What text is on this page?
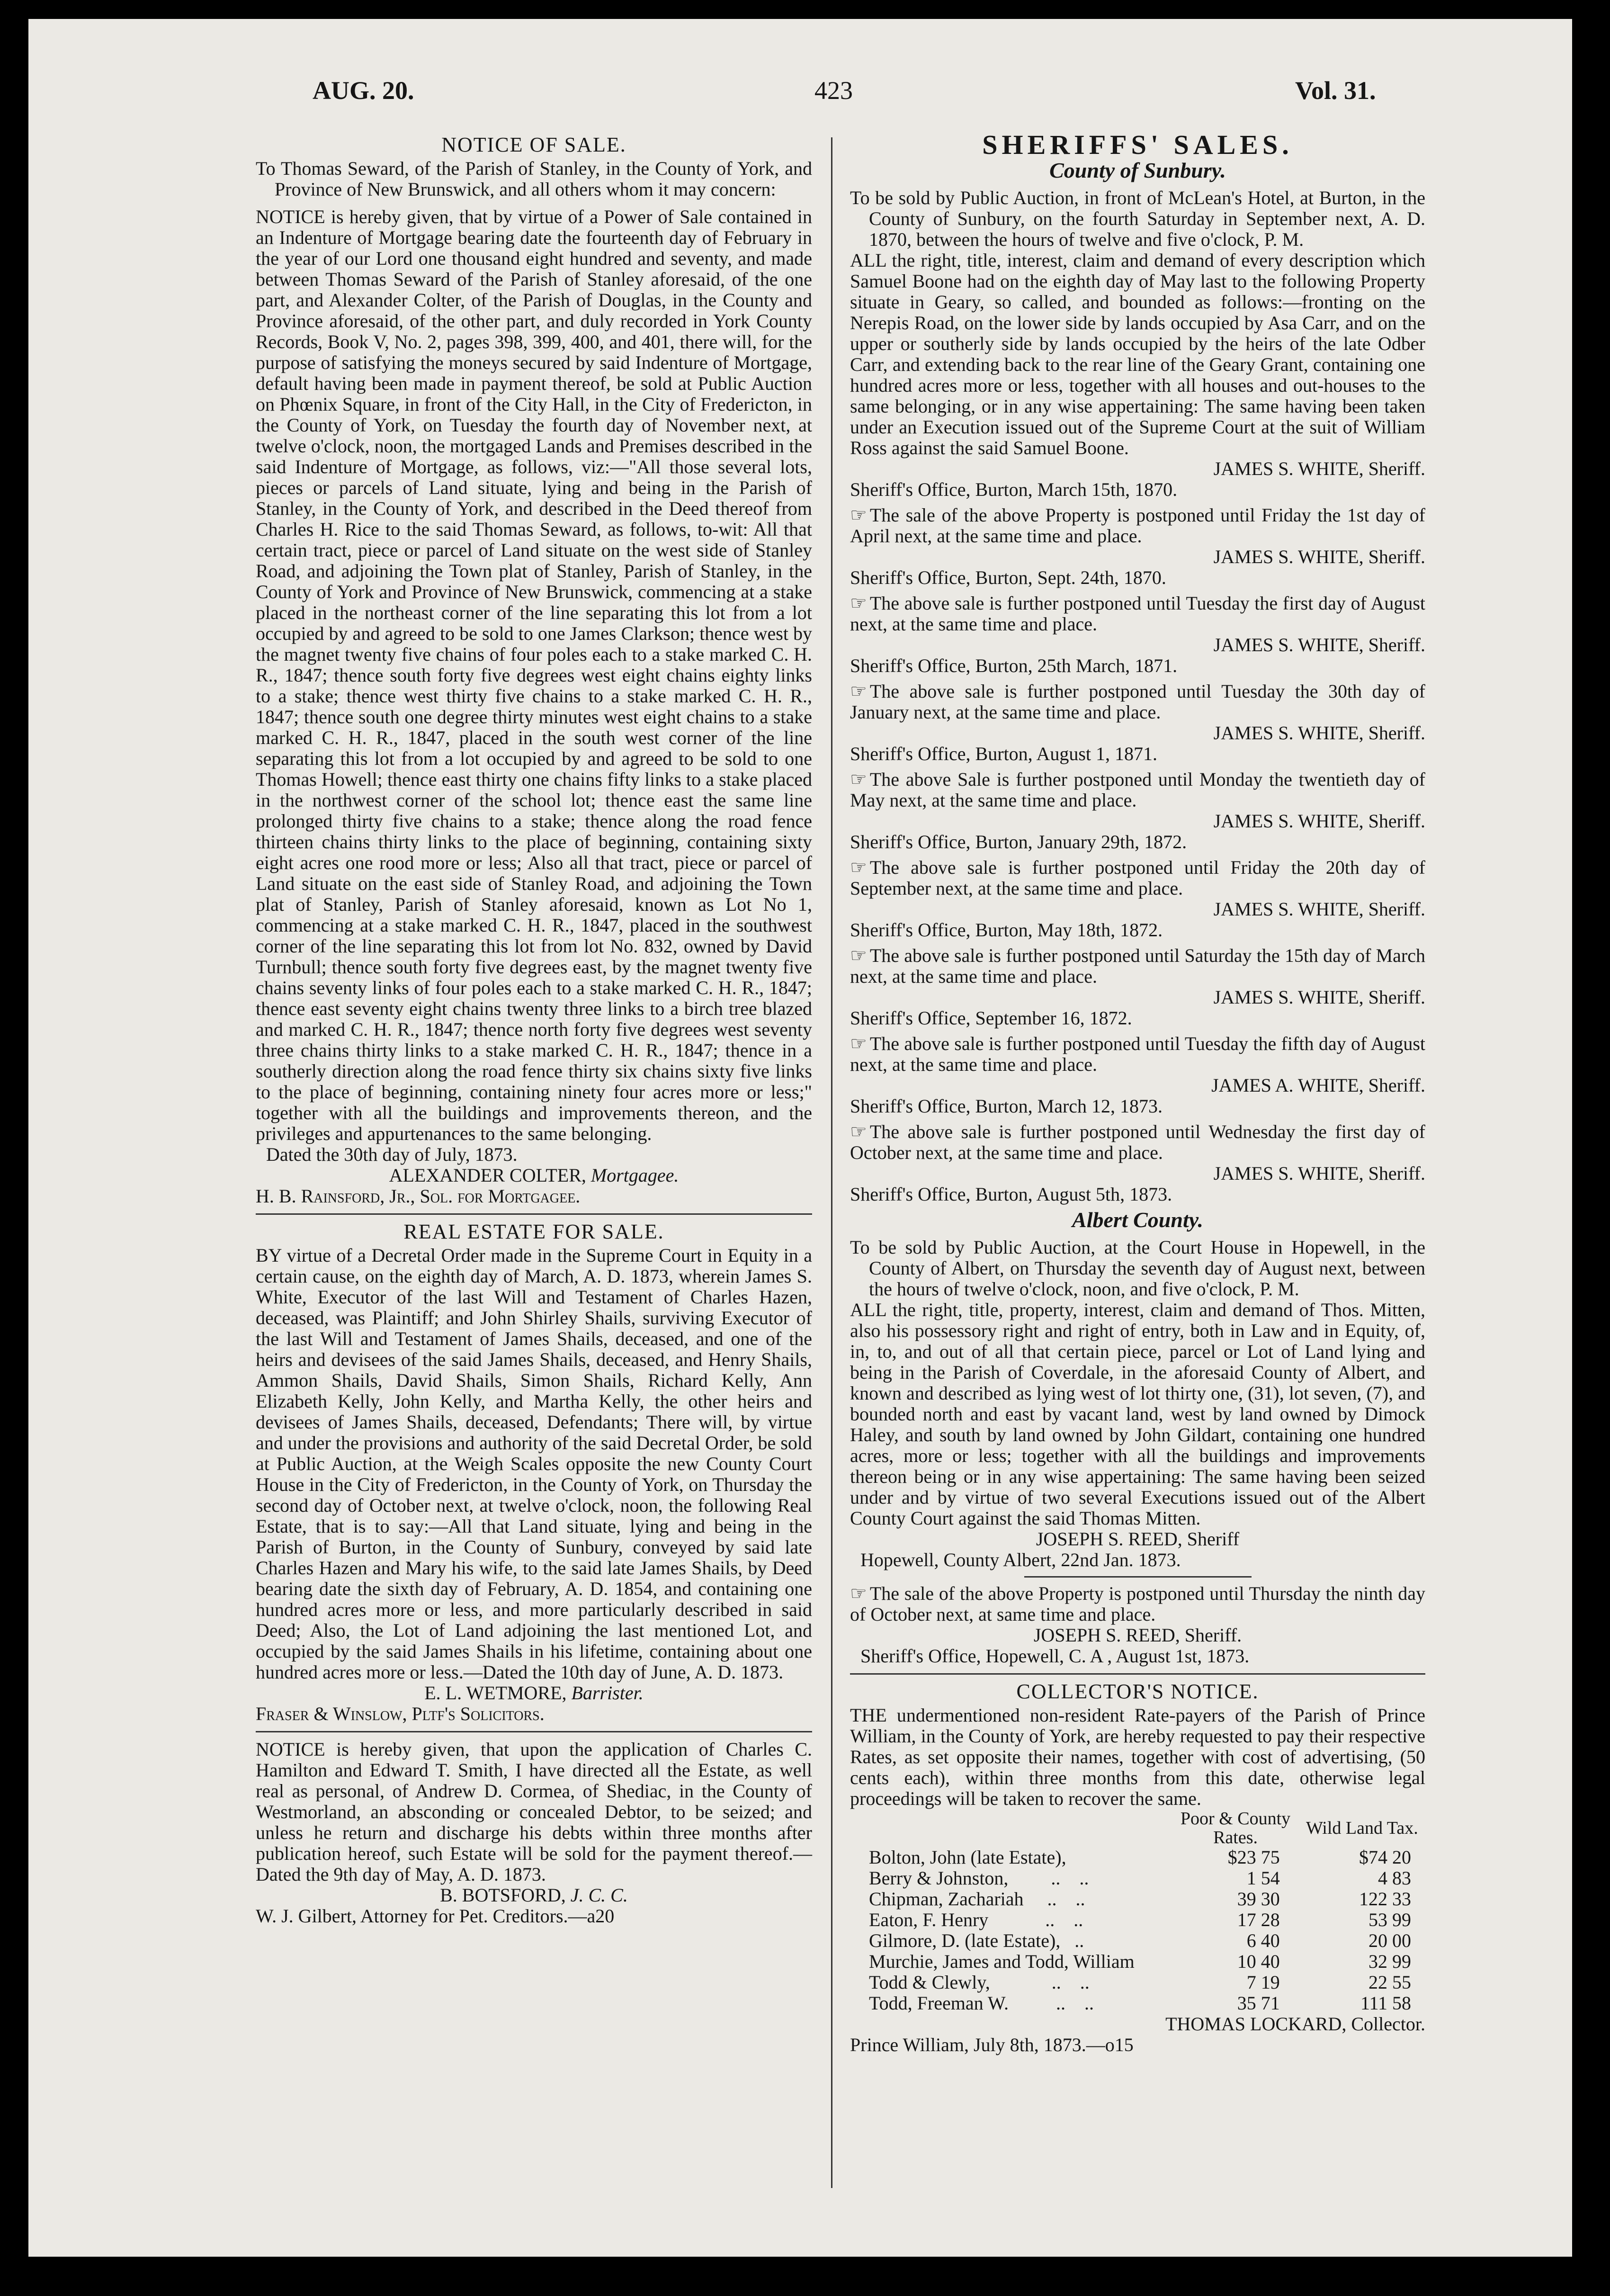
AUG. 20.	423	Vol. 31.
NOTICE OF SALE.

To Thomas Seward, of the Parish of Stanley, in the County of York, and Province of New Brunswick, and all others whom it may concern:

NOTICE is hereby given, that by virtue of a Power of Sale contained in an Indenture of Mortgage bearing date the fourteenth day of February in the year of our Lord one thousand eight hundred and seventy, and made between Thomas Seward of the Parish of Stanley aforesaid, of the one part, and Alexander Colter, of the Parish of Douglas, in the County and Province aforesaid, of the other part, and duly recorded in York County Records, Book V, No. 2, pages 398, 399, 400, and 401, there will, for the purpose of satisfying the moneys secured by said Indenture of Mortgage, default having been made in payment thereof, be sold at Public Auction on Phœnix Square, in front of the City Hall, in the City of Fredericton, in the County of York, on Tuesday the fourth day of November next, at twelve o'clock, noon, the mortgaged Lands and Premises described in the said Indenture of Mortgage, as follows, viz:—"All those several lots, pieces or parcels of Land situate, lying and being in the Parish of Stanley, in the County of York, and described in the Deed thereof from Charles H. Rice to the said Thomas Seward, as follows, to-wit: All that certain tract, piece or parcel of Land situate on the west side of Stanley Road, and adjoining the Town plat of Stanley, Parish of Stanley, in the County of York and Province of New Brunswick, commencing at a stake placed in the northeast corner of the line separating this lot from a lot occupied by and agreed to be sold to one James Clarkson; thence west by the magnet twenty five chains of four poles each to a stake marked C. H. R., 1847; thence south forty five degrees west eight chains eighty links to a stake; thence west thirty five chains to a stake marked C. H. R., 1847; thence south one degree thirty minutes west eight chains to a stake marked C. H. R., 1847, placed in the south west corner of the line separating this lot from a lot occupied by and agreed to be sold to one Thomas Howell; thence east thirty one chains fifty links to a stake placed in the northwest corner of the school lot; thence east the same line prolonged thirty five chains to a stake; thence along the road fence thirteen chains thirty links to the place of beginning, containing sixty eight acres one rood more or less; Also all that tract, piece or parcel of Land situate on the east side of Stanley Road, and adjoining the Town plat of Stanley, Parish of Stanley aforesaid, known as Lot No 1, commencing at a stake marked C. H. R., 1847, placed in the southwest corner of the line separating this lot from lot No. 832, owned by David Turnbull; thence south forty five degrees east, by the magnet twenty five chains seventy links of four poles each to a stake marked C. H. R., 1847; thence east seventy eight chains twenty three links to a birch tree blazed and marked C. H. R., 1847; thence north forty five degrees west seventy three chains thirty links to a stake marked C. H. R., 1847; thence in a southerly direction along the road fence thirty six chains sixty five links to the place of beginning, containing ninety four acres more or less;" together with all the buildings and improvements thereon, and the privileges and appurtenances to the same belonging.

Dated the 30th day of July, 1873.

ALEXANDER COLTER, Mortgagee.

H. B. Rainsford, Jr., Sol. for Mortgagee.

REAL ESTATE FOR SALE.

BY virtue of a Decretal Order made in the Supreme Court in Equity in a certain cause, on the eighth day of March, A. D. 1873, wherein James S. White, Executor of the last Will and Testament of Charles Hazen, deceased, was Plaintiff; and John Shirley Shails, surviving Executor of the last Will and Testament of James Shails, deceased, and one of the heirs and devisees of the said James Shails, deceased, and Henry Shails, Ammon Shails, David Shails, Simon Shails, Richard Kelly, Ann Elizabeth Kelly, John Kelly, and Martha Kelly, the other heirs and devisees of James Shails, deceased, Defendants; There will, by virtue and under the provisions and authority of the said Decretal Order, be sold at Public Auction, at the Weigh Scales opposite the new County Court House in the City of Fredericton, in the County of York, on Thursday the second day of October next, at twelve o'clock, noon, the following Real Estate, that is to say:—All that Land situate, lying and being in the Parish of Burton, in the County of Sunbury, conveyed by said late Charles Hazen and Mary his wife, to the said late James Shails, by Deed bearing date the sixth day of February, A. D. 1854, and containing one hundred acres more or less, and more particularly described in said Deed; Also, the Lot of Land adjoining the last mentioned Lot, and occupied by the said James Shails in his lifetime, containing about one hundred acres more or less.—Dated the 10th day of June, A. D. 1873.

E. L. WETMORE, Barrister.

Fraser & Winslow, Pltf's Solicitors.

NOTICE is hereby given, that upon the application of Charles C. Hamilton and Edward T. Smith, I have directed all the Estate, as well real as personal, of Andrew D. Cormea, of Shediac, in the County of Westmorland, an absconding or concealed Debtor, to be seized; and unless he return and discharge his debts within three months after publication hereof, such Estate will be sold for the payment thereof.—Dated the 9th day of May, A. D. 1873.

B. BOTSFORD, J. C. C.

W. J. Gilbert, Attorney for Pet. Creditors.—a20

SHERIFFS' SALES.
County of Sunbury.

To be sold by Public Auction, in front of McLean's Hotel, at Burton, in the County of Sunbury, on the fourth Saturday in September next, A. D. 1870, between the hours of twelve and five o'clock, P. M.

ALL the right, title, interest, claim and demand of every description which Samuel Boone had on the eighth day of May last to the following Property situate in Geary, so called, and bounded as follows:—fronting on the Nerepis Road, on the lower side by lands occupied by Asa Carr, and on the upper or southerly side by lands occupied by the heirs of the late Odber Carr, and extending back to the rear line of the Geary Grant, containing one hundred acres more or less, together with all houses and out-houses to the same belonging, or in any wise appertaining: The same having been taken under an Execution issued out of the Supreme Court at the suit of William Ross against the said Samuel Boone.

JAMES S. WHITE, Sheriff.

Sheriff's Office, Burton, March 15th, 1870.

☞ The sale of the above Property is postponed until Friday the 1st day of April next, at the same time and place.

JAMES S. WHITE, Sheriff.

Sheriff's Office, Burton, Sept. 24th, 1870.

☞ The above sale is further postponed until Tuesday the first day of August next, at the same time and place.

JAMES S. WHITE, Sheriff.

Sheriff's Office, Burton, 25th March, 1871.

☞ The above sale is further postponed until Tuesday the 30th day of January next, at the same time and place.

JAMES S. WHITE, Sheriff.

Sheriff's Office, Burton, August 1, 1871.

☞ The above Sale is further postponed until Monday the twentieth day of May next, at the same time and place.

JAMES S. WHITE, Sheriff.

Sheriff's Office, Burton, January 29th, 1872.

☞ The above sale is further postponed until Friday the 20th day of September next, at the same time and place.

JAMES S. WHITE, Sheriff.

Sheriff's Office, Burton, May 18th, 1872.

☞ The above sale is further postponed until Saturday the 15th day of March next, at the same time and place.

JAMES S. WHITE, Sheriff.

Sheriff's Office, September 16, 1872.

☞ The above sale is further postponed until Tuesday the fifth day of August next, at the same time and place.

JAMES A. WHITE, Sheriff.

Sheriff's Office, Burton, March 12, 1873.

☞ The above sale is further postponed until Wednesday the first day of October next, at the same time and place.

JAMES S. WHITE, Sheriff.

Sheriff's Office, Burton, August 5th, 1873.

Albert County.

To be sold by Public Auction, at the Court House in Hopewell, in the County of Albert, on Thursday the seventh day of August next, between the hours of twelve o'clock, noon, and five o'clock, P. M.

ALL the right, title, property, interest, claim and demand of Thos. Mitten, also his possessory right and right of entry, both in Law and in Equity, of, in, to, and out of all that certain piece, parcel or Lot of Land lying and being in the Parish of Coverdale, in the aforesaid County of Albert, and known and described as lying west of lot thirty one, (31), lot seven, (7), and bounded north and east by vacant land, west by land owned by Dimock Haley, and south by land owned by John Gildart, containing one hundred acres, more or less; together with all the buildings and improvements thereon being or in any wise appertaining: The same having been seized under and by virtue of two several Executions issued out of the Albert County Court against the said Thomas Mitten.

JOSEPH S. REED, Sheriff

Hopewell, County Albert, 22nd Jan. 1873.

☞ The sale of the above Property is postponed until Thursday the ninth day of October next, at same time and place.

JOSEPH S. REED, Sheriff.

Sheriff's Office, Hopewell, C. A , August 1st, 1873.

COLLECTOR'S NOTICE.

THE undermentioned non-resident Rate-payers of the Parish of Prince William, in the County of York, are hereby requested to pay their respective Rates, as set opposite their names, together with cost of advertising, (50 cents each), within three months from this date, otherwise legal proceedings will be taken to recover the same.

	Poor & County Rates.	Wild Land Tax.
Bolton, John (late Estate),	$23 75	$74 20
Berry & Johnston,         ..    ..	1 54	4 83
Chipman, Zachariah     ..    ..	39 30	122 33
Eaton, F. Henry            ..    ..	17 28	53 99
Gilmore, D. (late Estate),   ..	6 40	20 00
Murchie, James and Todd, William	10 40	32 99
Todd & Clewly,             ..    ..	7 19	22 55
Todd, Freeman W.          ..    ..	35 71	111 58

THOMAS LOCKARD, Collector.

Prince William, July 8th, 1873.—o15
